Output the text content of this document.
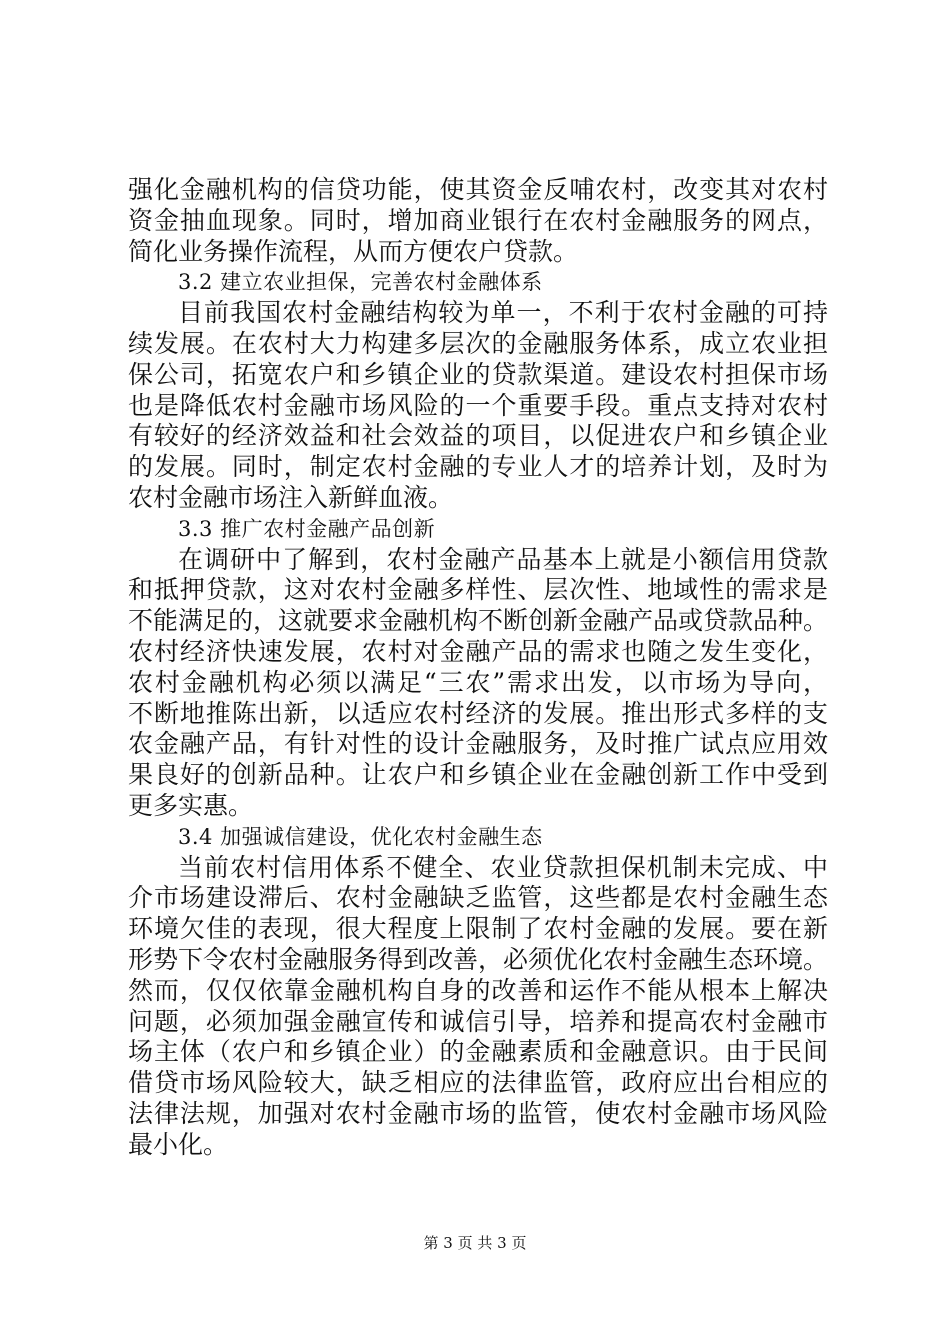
强化金融机构的信贷功能，使其资金反哺农村，改变其对农村
资金抽血现象。同时，增加商业银行在农村金融服务的网点，
简化业务操作流程，从而方便农户贷款。
3.2 建立农业担保，完善农村金融体系
目前我国农村金融结构较为单一，不利于农村金融的可持
续发展。在农村大力构建多层次的金融服务体系，成立农业担
保公司，拓宽农户和乡镇企业的贷款渠道。建设农村担保市场
也是降低农村金融市场风险的一个重要手段。重点支持对农村
有较好的经济效益和社会效益的项目，以促进农户和乡镇企业
的发展。同时，制定农村金融的专业人才的培养计划，及时为
农村金融市场注入新鲜血液。
3.3 推广农村金融产品创新
在调研中了解到，农村金融产品基本上就是小额信用贷款
和抵押贷款，这对农村金融多样性、层次性、地域性的需求是
不能满足的，这就要求金融机构不断创新金融产品或贷款品种。
农村经济快速发展，农村对金融产品的需求也随之发生变化，
农村金融机构必须以满足“三农”需求出发，以市场为导向，
不断地推陈出新，以适应农村经济的发展。推出形式多样的支
农金融产品，有针对性的设计金融服务，及时推广试点应用效
果良好的创新品种。让农户和乡镇企业在金融创新工作中受到
更多实惠。
3.4 加强诚信建设，优化农村金融生态
当前农村信用体系不健全、农业贷款担保机制未完成、中
介市场建设滞后、农村金融缺乏监管，这些都是农村金融生态
环境欠佳的表现，很大程度上限制了农村金融的发展。要在新
形势下令农村金融服务得到改善，必须优化农村金融生态环境。
然而，仅仅依靠金融机构自身的改善和运作不能从根本上解决
问题，必须加强金融宣传和诚信引导，培养和提高农村金融市
场主体（农户和乡镇企业）的金融素质和金融意识。由于民间
借贷市场风险较大，缺乏相应的法律监管，政府应出台相应的
法律法规，加强对农村金融市场的监管，使农村金融市场风险
最小化。
第 3 页 共 3 页
